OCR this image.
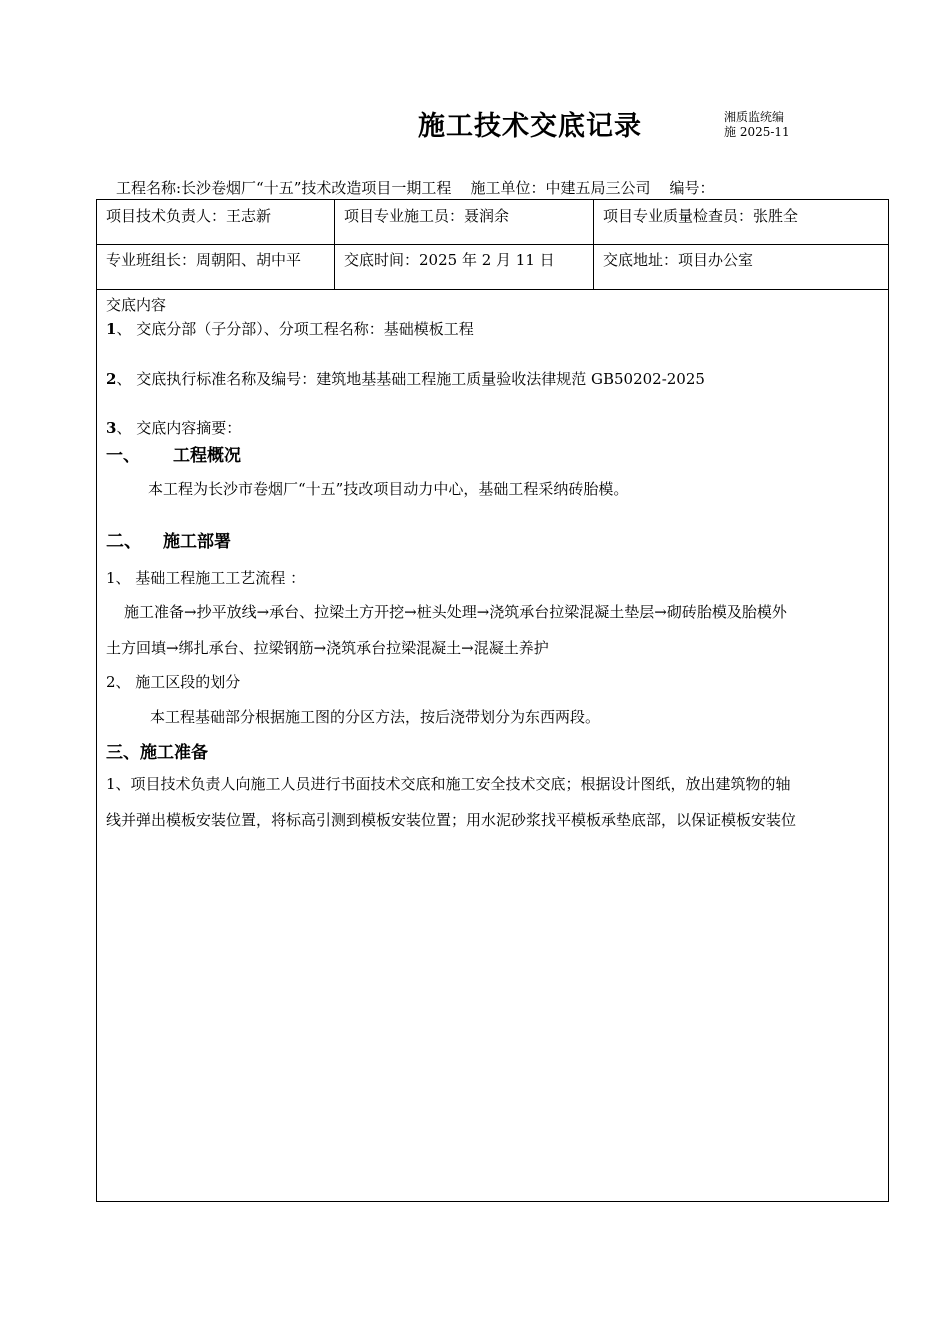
施工技术交底记录	湘质监统编
施 2025-11
工程名称:长沙卷烟厂“十五”技术改造项目一期工程    施工单位：中建五局三公司    编号：
项目技术负责人：王志新	项目专业施工员：聂润余	项目专业质量检查员：张胜全
专业班组长：周朝阳、胡中平	交底时间：2025 年 2 月 11 日	交底地址：项目办公室
交底内容
1、 交底分部（子分部）、分项工程名称：基础模板工程
2、 交底执行标准名称及编号：建筑地基基础工程施工质量验收法律规范 GB50202-2025
3、 交底内容摘要：
一、 工程概况
本工程为长沙市卷烟厂“十五”技改项目动力中心，基础工程采纳砖胎模。
二、 施工部署
1、 基础工程施工工艺流程 ：
施工准备→抄平放线→承台、拉梁土方开挖→桩头处理→浇筑承台拉梁混凝土垫层→砌砖胎模及胎模外
土方回填→绑扎承台、拉梁钢筋→浇筑承台拉梁混凝土→混凝土养护
2、 施工区段的划分
本工程基础部分根据施工图的分区方法，按后浇带划分为东西两段。
三、施工准备
1、项目技术负责人向施工人员进行书面技术交底和施工安全技术交底；根据设计图纸，放出建筑物的轴
线并弹出模板安装位置，将标高引测到模板安装位置；用水泥砂浆找平模板承垫底部，以保证模板安装位
